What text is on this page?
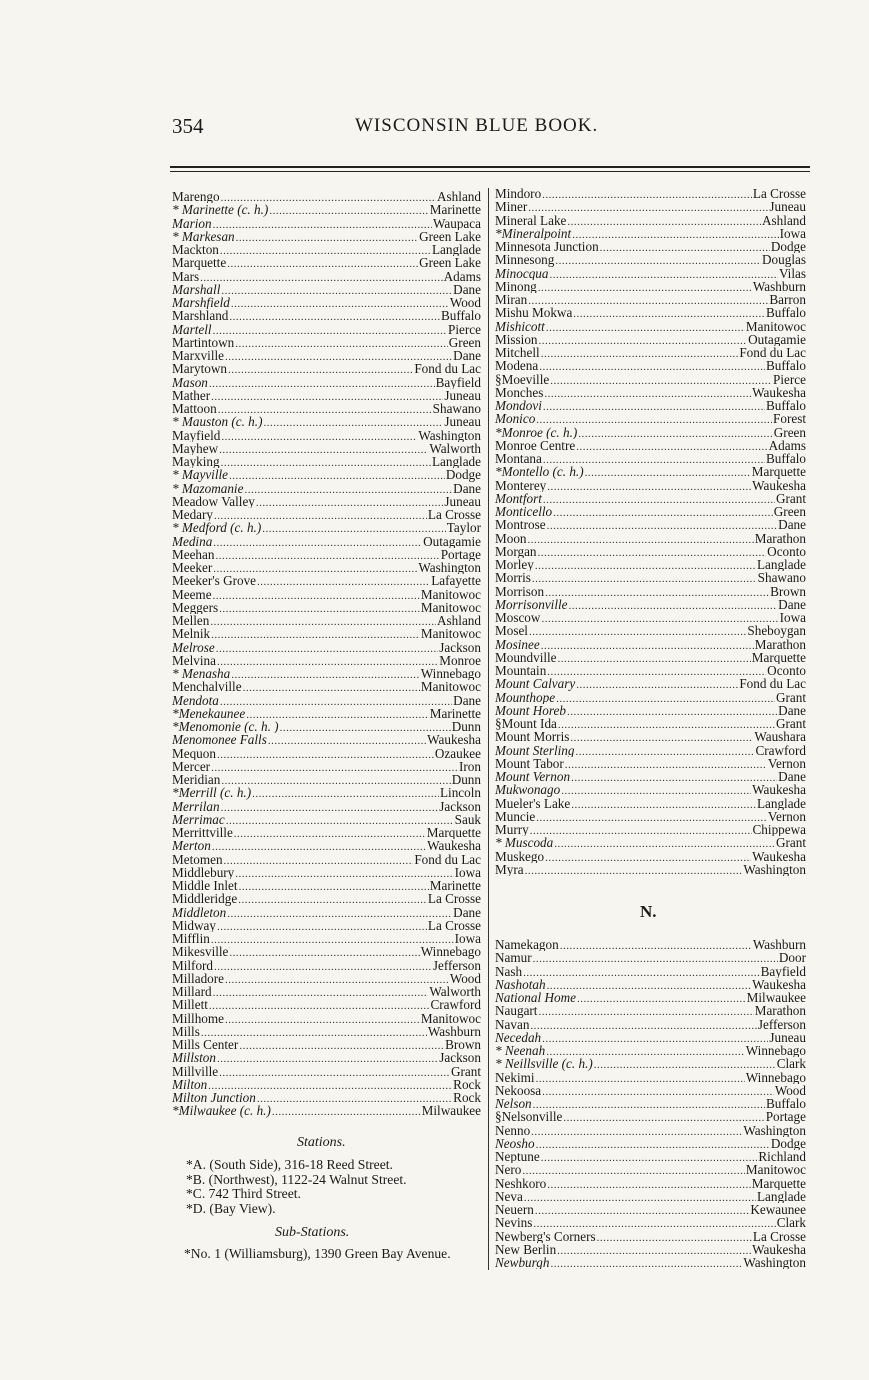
354	WISCONSIN BLUE BOOK.
Marengo .....	Ashland
* Marinette (c. h.) .....	Marinette
Marion .....	Waupaca
* Markesan .....	Green Lake
Mackton .....	Langlade
Marquette .....	Green Lake
Mars .....	Adams
Marshall .....	Dane
Marshfield .....	Wood
Marshland .....	Buffalo
Martell .....	Pierce
Martintown .....	Green
Marxville .....	Dane
Marytown .....	Fond du Lac
Mason .....	Bayfield
Mather .....	Juneau
Mattoon .....	Shawano
* Mauston (c. h.) .....	Juneau
Mayfield .....	Washington
Mayhew .....	Walworth
Mayking .....	Langlade
* Mayville .....	Dodge
* Mazomanie .....	Dane
Meadow Valley .....	Juneau
Medary .....	La Crosse
* Medford (c. h.) .....	Taylor
Medina .....	Outagamie
Meehan .....	Portage
Meeker .....	Washington
Meeker's Grove .....	Lafayette
Meeme .....	Manitowoc
Meggers .....	Manitowoc
Mellen .....	Ashland
Melnik .....	Manitowoc
Melrose .....	Jackson
Melvina .....	Monroe
* Menasha .....	Winnebago
Menchalville .....	Manitowoc
Mendota .....	Dane
*Menekaunee .....	Marinette
*Menomonie (c. h. ) .....	Dunn
Menomonee Falls .....	Waukesha
Mequon .....	Ozaukee
Mercer .....	Iron
Meridian .....	Dunn
*Merrill (c. h.) .....	Lincoln
Merrilan .....	Jackson
Merrimac .....	Sauk
Merrittville .....	Marquette
Merton .....	Waukesha
Metomen .....	Fond du Lac
Middlebury .....	Iowa
Middle Inlet .....	Marinette
Middleridge .....	La Crosse
Middleton .....	Dane
Midway .....	La Crosse
Mifflin .....	Iowa
Mikesville .....	Winnebago
Milford .....	Jefferson
Milladore .....	Wood
Millard .....	Walworth
Millett .....	Crawford
Millhome .....	Manitowoc
Mills .....	Washburn
Mills Center .....	Brown
Millston .....	Jackson
Millville .....	Grant
Milton .....	Rock
Milton Junction .....	Rock
*Milwaukee (c. h.) .....	Milwaukee
Stations.
*A. (South Side), 316-18 Reed Street.
*B. (Northwest), 1122-24 Walnut Street.
*C. 742 Third Street.
*D. (Bay View).
Sub-Stations.
*No. 1 (Williamsburg), 1390 Green Bay Avenue.
Mindoro .....	La Crosse
Miner .....	Juneau
Mineral Lake .....	Ashland
*Mineralpoint .....	Iowa
Minnesota Junction .....	Dodge
Minnesong .....	Douglas
Minocqua .....	Vilas
Minong .....	Washburn
Miran .....	Barron
Mishu Mokwa .....	Buffalo
Mishicott .....	Manitowoc
Mission .....	Outagamie
Mitchell .....	Fond du Lac
Modena .....	Buffalo
§Moeville .....	Pierce
Monches .....	Waukesha
Mondovi .....	Buffalo
Monico .....	Forest
*Monroe (c. h.) .....	Green
Monroe Centre .....	Adams
Montana .....	Buffalo
*Montello (c. h.) .....	Marquette
Monterey .....	Waukesha
Montfort .....	Grant
Monticello .....	Green
Montrose .....	Dane
Moon .....	Marathon
Morgan .....	Oconto
Morley .....	Langlade
Morris .....	Shawano
Morrison .....	Brown
Morrisonville .....	Dane
Moscow .....	Iowa
Mosel .....	Sheboygan
Mosinee .....	Marathon
Moundville .....	Marquette
Mountain .....	Oconto
Mount Calvary .....	Fond du Lac
Mounthope .....	Grant
Mount Horeb .....	Dane
§Mount Ida .....	Grant
Mount Morris .....	Waushara
Mount Sterling .....	Crawford
Mount Tabor .....	Vernon
Mount Vernon .....	Dane
Mukwonago .....	Waukesha
Mueler's Lake .....	Langlade
Muncie .....	Vernon
Murry .....	Chippewa
* Muscoda .....	Grant
Muskego .....	Waukesha
Myra .....	Washington
N.
Namekagon .....	Washburn
Namur .....	Door
Nash .....	Bayfield
Nashotah .....	Waukesha
National Home .....	Milwaukee
Naugart .....	Marathon
Navan .....	Jefferson
Necedah .....	Juneau
* Neenah .....	Winnebago
* Neillsville (c. h.) .....	Clark
Nekimi .....	Winnebago
Nekoosa .....	Wood
Nelson .....	Buffalo
§Nelsonville .....	Portage
Nenno .....	Washington
Neosho .....	Dodge
Neptune .....	Richland
Nero .....	Manitowoc
Neshkoro .....	Marquette
Neva .....	Langlade
Neuern .....	Kewaunee
Nevins .....	Clark
Newberg's Corners .....	La Crosse
New Berlin .....	Waukesha
Newburgh .....	Washington
